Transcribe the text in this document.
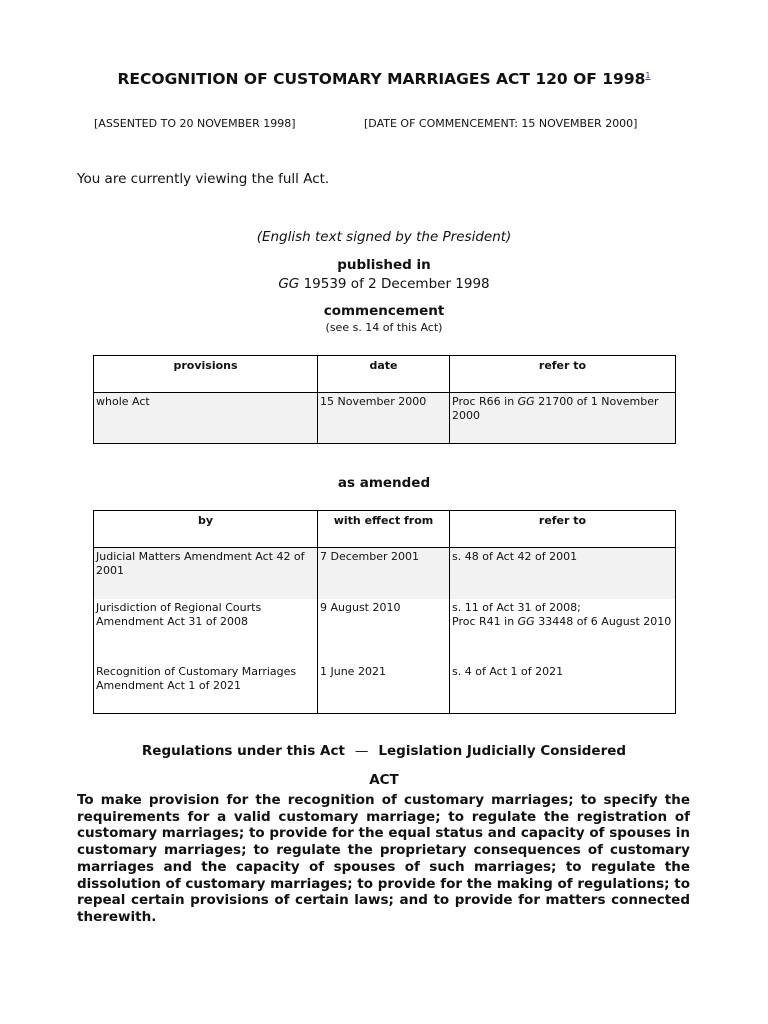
RECOGNITION OF CUSTOMARY MARRIAGES ACT 120 OF 1998$^1$
[ASSENTED TO 20 NOVEMBER 1998]	[DATE OF COMMENCEMENT: 15 NOVEMBER 2000]
You are currently viewing the full Act.
(English text signed by the President)
published in
GG 19539 of 2 December 1998
commencement
(see s. 14 of this Act)
provisions	date	refer to
whole Act	15 November 2000	Proc R66 in GG 21700 of 1 November 2000
as amended
by	with effect from	refer to
Judicial Matters Amendment Act 42 of 2001	7 December 2001	s. 48 of Act 42 of 2001
Jurisdiction of Regional Courts Amendment Act 31 of 2008	9 August 2010	s. 11 of Act 31 of 2008;
Proc R41 in GG 33448 of 6 August 2010
Recognition of Customary Marriages Amendment Act 1 of 2021	1 June 2021	s. 4 of Act 1 of 2021
Regulations under this Act — Legislation Judicially Considered
ACT

To make provision for the recognition of customary marriages; to specify the requirements for a valid customary marriage; to regulate the registration of customary marriages; to provide for the equal status and capacity of spouses in customary marriages; to regulate the proprietary consequences of customary marriages and the capacity of spouses of such marriages; to regulate the dissolution of customary marriages; to provide for the making of regulations; to repeal certain provisions of certain laws; and to provide for matters connected therewith.
